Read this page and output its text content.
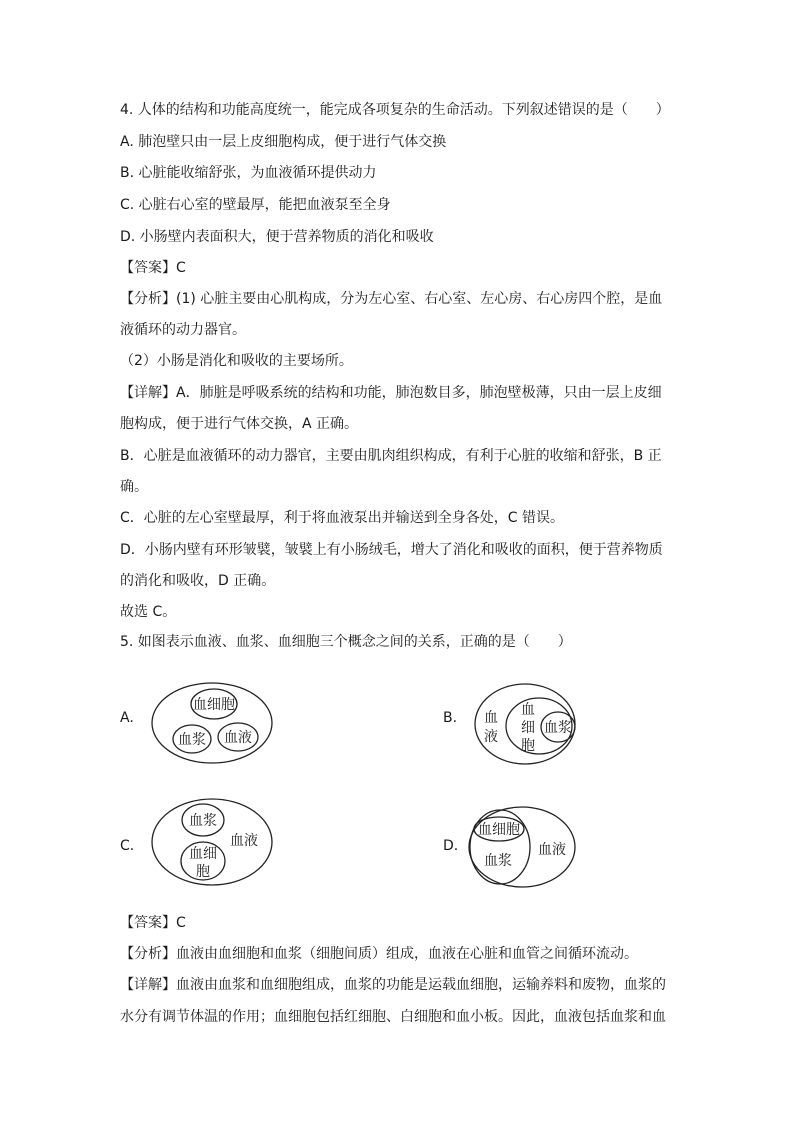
4. 人体的结构和功能高度统一，能完成各项复杂的生命活动。下列叙述错误的是（　　）
A. 肺泡壁只由一层上皮细胞构成，便于进行气体交换
B. 心脏能收缩舒张，为血液循环提供动力
C. 心脏右心室的壁最厚，能把血液泵至全身
D. 小肠壁内表面积大，便于营养物质的消化和吸收
【答案】C
【分析】(1) 心脏主要由心肌构成，分为左心室、右心室、左心房、右心房四个腔，是血
液循环的动力器官。
（2）小肠是消化和吸收的主要场所。
【详解】A．肺脏是呼吸系统的结构和功能，肺泡数目多，肺泡壁极薄，只由一层上皮细
胞构成，便于进行气体交换，A 正确。
B．心脏是血液循环的动力器官，主要由肌肉组织构成，有利于心脏的收缩和舒张，B 正
确。
C．心脏的左心室壁最厚，利于将血液泵出并输送到全身各处，C 错误。
D．小肠内壁有环形皱襞，皱襞上有小肠绒毛，增大了消化和吸收的面积，便于营养物质
的消化和吸收，D 正确。
故选 C。
5. 如图表示血液、血浆、血细胞三个概念之间的关系，正确的是（　　）
A.
血细胞
血浆 血液
B. 血
液
血
细
胞
血浆
C.
血浆
血细
胞
血液	D.
血细胞
血浆
血液
【答案】C
【分析】血液由血细胞和血浆（细胞间质）组成，血液在心脏和血管之间循环流动。
【详解】血液由血浆和血细胞组成，血浆的功能是运载血细胞，运输养料和废物，血浆的
水分有调节体温的作用；血细胞包括红细胞、白细胞和血小板。因此，血液包括血浆和血
